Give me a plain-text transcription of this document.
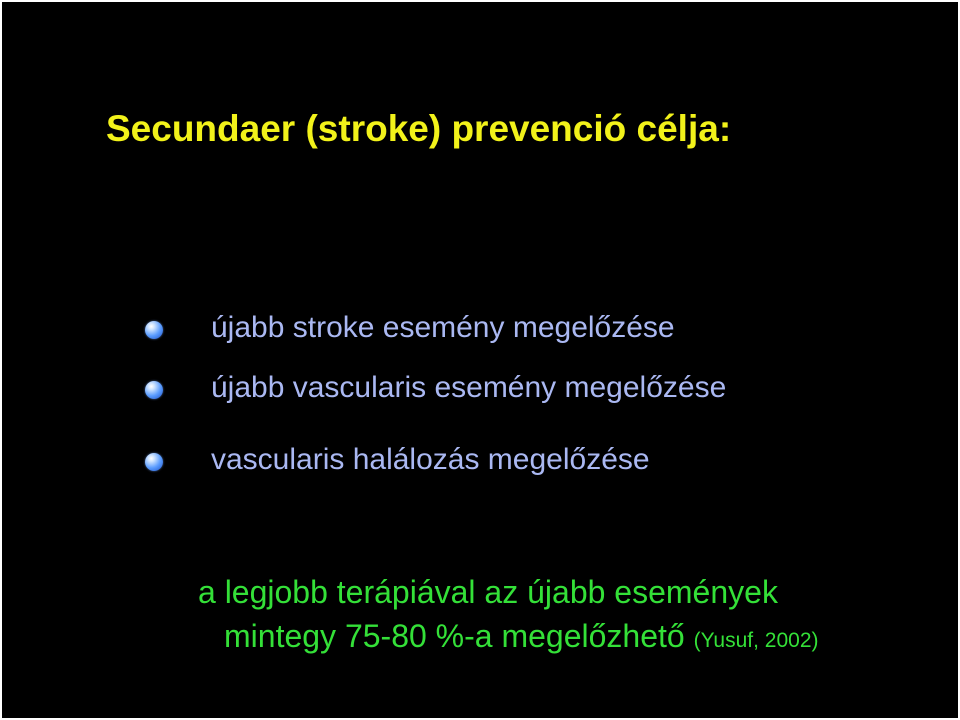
Secundaer (stroke) prevenció célja:
újabb stroke esemény megelőzése
újabb vascularis esemény megelőzése
vascularis halálozás megelőzése
a legjobb terápiával az újabb események
mintegy 75-80 %-a megelőzhető (Yusuf, 2002)
